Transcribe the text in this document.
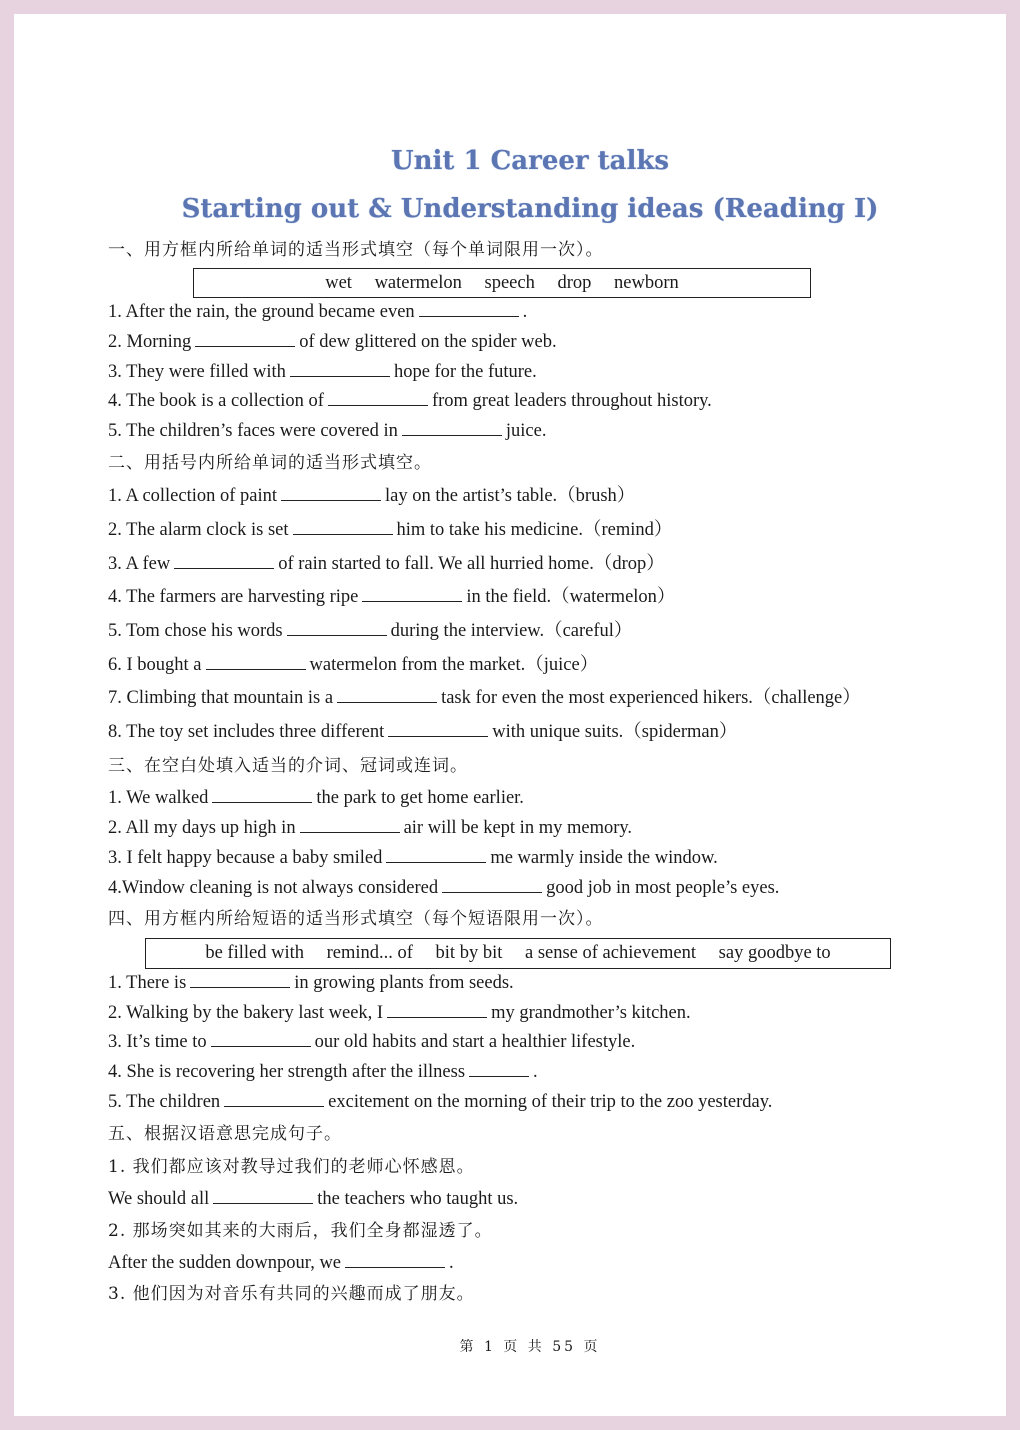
Unit 1 Career talks
Starting out & Understanding ideas (Reading I)
一、用方框内所给单词的适当形式填空（每个单词限用一次）。
wet watermelon speech drop newborn
1. After the rain, the ground became even	.
2. Morning	of dew glittered on the spider web.
3. They were filled with	hope for the future.
4. The book is a collection of	from great leaders throughout history.
5. The children’s faces were covered in	juice.
二、用括号内所给单词的适当形式填空。
1. A collection of paint	lay on the artist’s table.（brush）
2. The alarm clock is set	him to take his medicine.（remind）
3. A few	of rain started to fall. We all hurried home.（drop）
4. The farmers are harvesting ripe	in the field.（watermelon）
5. Tom chose his words	during the interview.（careful）
6. I bought a	watermelon from the market.（juice）
7. Climbing that mountain is a	task for even the most experienced hikers.（challenge）
8. The toy set includes three different	with unique suits.（spiderman）
三、在空白处填入适当的介词、冠词或连词。
1. We walked	the park to get home earlier.
2. All my days up high in	air will be kept in my memory.
3. I felt happy because a baby smiled	me warmly inside the window.
4.Window cleaning is not always considered	good job in most people’s eyes.
四、用方框内所给短语的适当形式填空（每个短语限用一次）。
be filled with remind... of bit by bit a sense of achievement say goodbye to
1. There is	in growing plants from seeds.
2. Walking by the bakery last week, I	my grandmother’s kitchen.
3. It’s time to	our old habits and start a healthier lifestyle.
4. She is recovering her strength after the illness	.
5. The children	excitement on the morning of their trip to the zoo yesterday.
五、根据汉语意思完成句子。
1. 我们都应该对教导过我们的老师心怀感恩。
We should all	the teachers who taught us.
2. 那场突如其来的大雨后，我们全身都湿透了。
After the sudden downpour, we	.
3. 他们因为对音乐有共同的兴趣而成了朋友。
第 1 页 共 55 页
